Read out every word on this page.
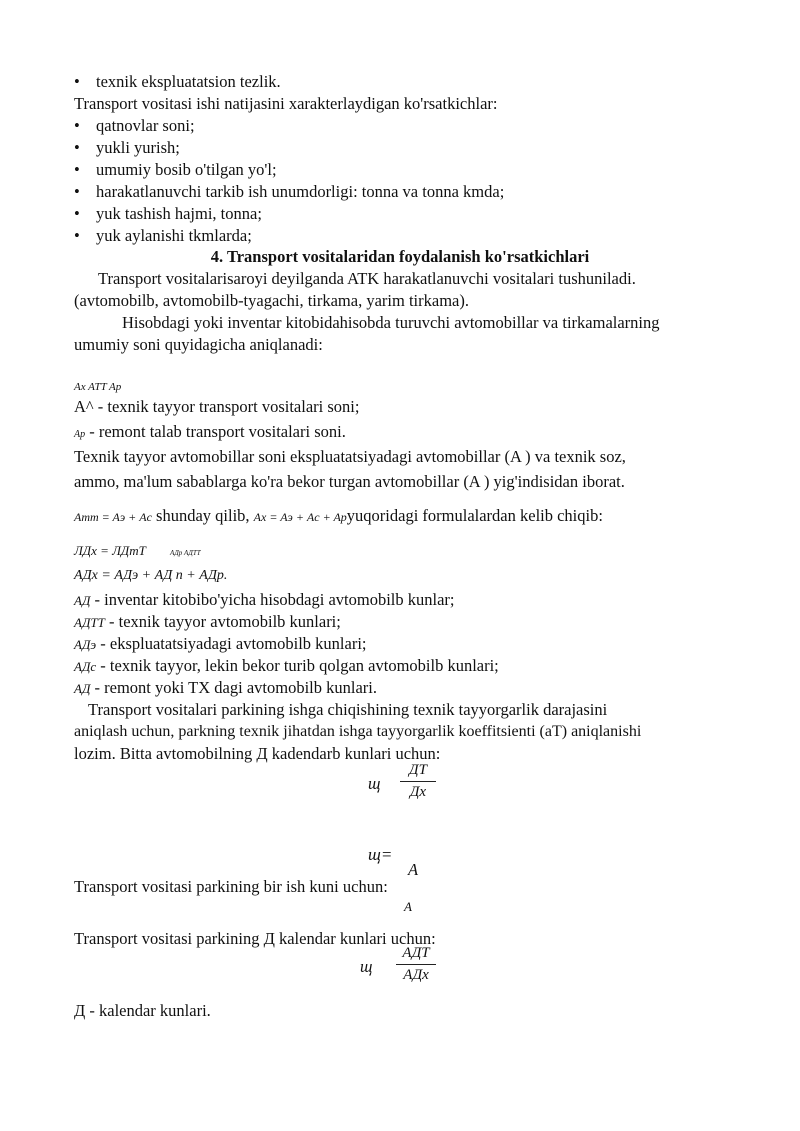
• texnik ekspluatatsion tezlik.
Transport vositasi ishi natijasini xarakterlaydigan ko'rsatkichlar:
• qatnovlar soni;
• yukli yurish;
• umumiy bosib o'tilgan yo'l;
• harakatlanuvchi tarkib ish unumdorligi: tonna va tonna kmda;
• yuk tashish hajmi, tonna;
• yuk aylanishi tkmlarda;
4. Transport vositalaridan foydalanish ko'rsatkichlari
Transport vositalarisaroyi deyilganda ATK harakatlanuvchi vositalari tushuniladi.
(avtomobilb, avtomobilb-tyagachi, tirkama, yarim tirkama).
Hisobdagi yoki inventar kitobidahisobda turuvchi avtomobillar va tirkamalarning
umumiy soni quyidagicha aniqlanadi:
Ax ATT Ap
A^ - texnik tayyor transport vositalari soni;
Ap - remont talab transport vositalari soni.
Texnik tayyor avtomobillar soni ekspluatatsiyadagi avtomobillar (A ) va texnik soz,
ammo, ma'lum sabablarga ko'ra bekor turgan avtomobillar (A ) yig'indisidan iborat.
Amm = Aэ + Ac shunday qilib, Ax = Aэ + Ac + Apyuqoridagi formulalardan kelib chiqib:
ЛДx = ЛДmT	АДр АДТТ
АДх = АДэ + АД п + АДр.
АД - inventar kitobibo'yicha hisobdagi avtomobilb kunlar;
АДТТ - texnik tayyor avtomobilb kunlari;
АДэ - ekspluatatsiyadagi avtomobilb kunlari;
АДс - texnik tayyor, lekin bekor turib qolgan avtomobilb kunlari;
АД - remont yoki TX dagi avtomobilb kunlari.
Transport vositalari parkining ishga chiqishining texnik tayyorgarlik darajasini
aniqlash uchun, parkning texnik jihatdan ishga tayyorgarlik koeffitsienti (aT) aniqlanishi
lozim. Bitta avtomobilning Д kadendarb kunlari uchun:
щ
ДТ
Дх
щ=
A
Transport vositasi parkining bir ish kuni uchun:
A
Transport vositasi parkining Д kalendar kunlari uchun:
щ
АДТ
АДх
Д - kalendar kunlari.
